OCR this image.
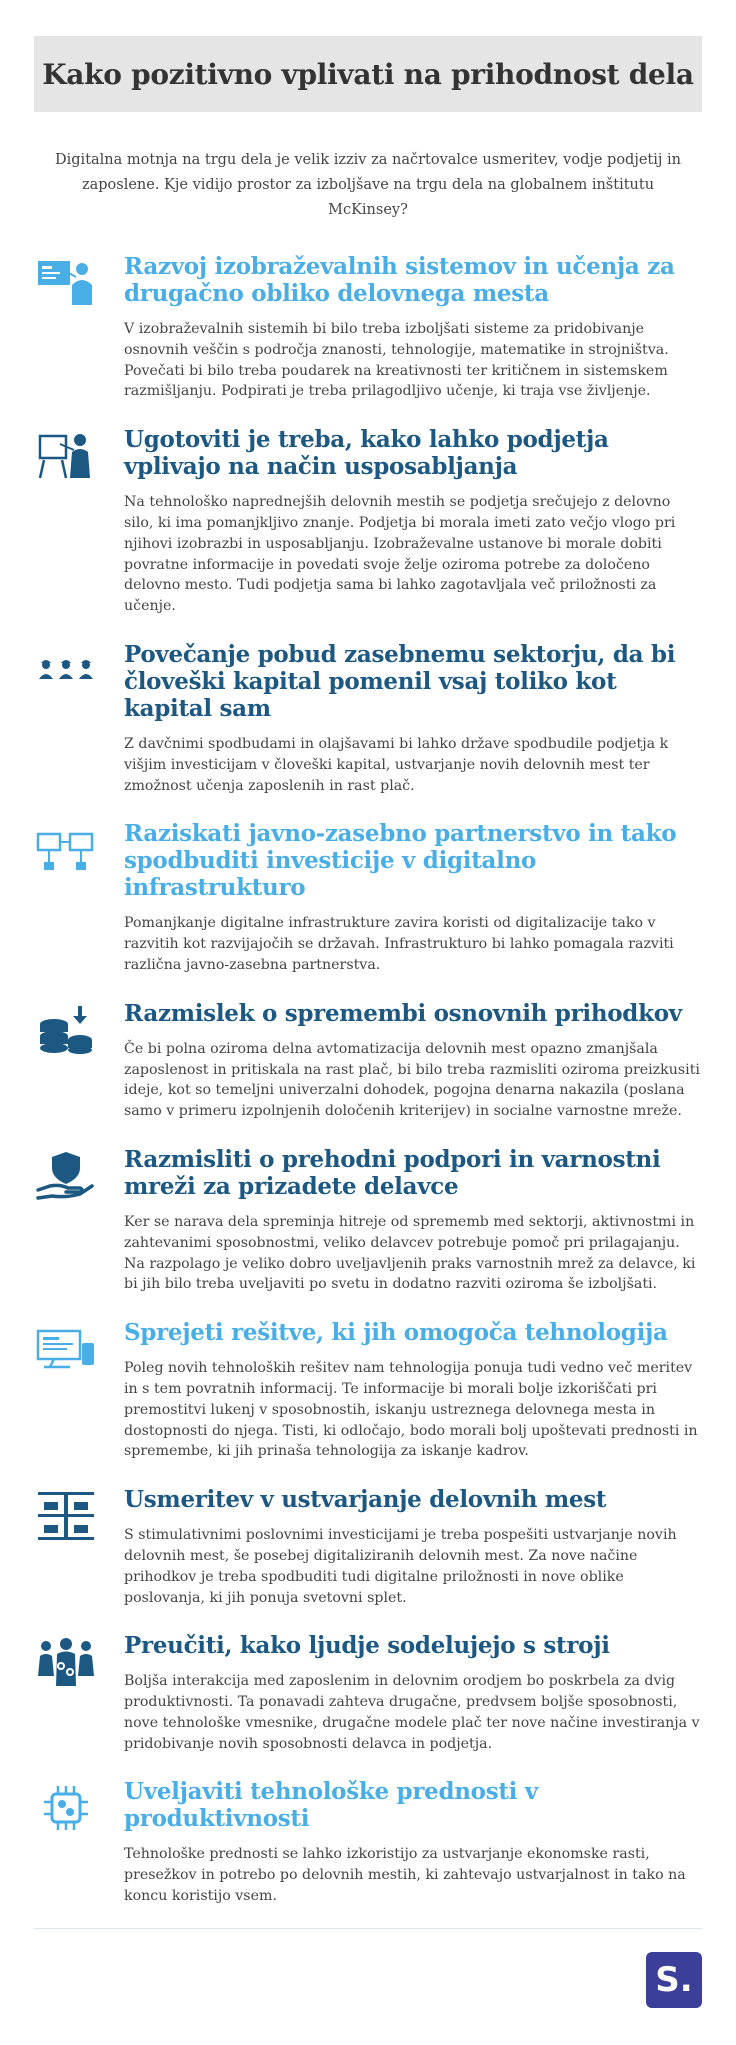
Kako pozitivno vplivati na prihodnost dela

Digitalna motnja na trgu dela je velik izziv za načrtovalce usmeritev, vodje podjetij in zaposlene. Kje vidijo prostor za izboljšave na trgu dela na globalnem inštitutu McKinsey?

Razvoj izobraževalnih sistemov in učenja za drugačno obliko delovnega mesta

V izobraževalnih sistemih bi bilo treba izboljšati sisteme za pridobivanje osnovnih veščin s področja znanosti, tehnologije, matematike in strojništva. Povečati bi bilo treba poudarek na kreativnosti ter kritičnem in sistemskem razmišljanju. Podpirati je treba prilagodljivo učenje, ki traja vse življenje.

Ugotoviti je treba, kako lahko podjetja vplivajo na način usposabljanja

Na tehnološko naprednejših delovnih mestih se podjetja srečujejo z delovno silo, ki ima pomanjkljivo znanje. Podjetja bi morala imeti zato večjo vlogo pri njihovi izobrazbi in usposabljanju. Izobraževalne ustanove bi morale dobiti povratne informacije in povedati svoje želje oziroma potrebe za določeno delovno mesto. Tudi podjetja sama bi lahko zagotavljala več priložnosti za učenje.

Povečanje pobud zasebnemu sektorju, da bi človeški kapital pomenil vsaj toliko kot kapital sam

Z davčnimi spodbudami in olajšavami bi lahko države spodbudile podjetja k višjim investicijam v človeški kapital, ustvarjanje novih delovnih mest ter zmožnost učenja zaposlenih in rast plač.

Raziskati javno-zasebno partnerstvo in tako spodbuditi investicije v digitalno infrastrukturo

Pomanjkanje digitalne infrastrukture zavira koristi od digitalizacije tako v razvitih kot razvijajočih se državah. Infrastrukturo bi lahko pomagala razviti različna javno-zasebna partnerstva.

Razmislek o spremembi osnovnih prihodkov

Če bi polna oziroma delna avtomatizacija delovnih mest opazno zmanjšala zaposlenost in pritiskala na rast plač, bi bilo treba razmisliti oziroma preizkusiti ideje, kot so temeljni univerzalni dohodek, pogojna denarna nakazila (poslana samo v primeru izpolnjenih določenih kriterijev) in socialne varnostne mreže.

Razmisliti o prehodni podpori in varnostni mreži za prizadete delavce

Ker se narava dela spreminja hitreje od sprememb med sektorji, aktivnostmi in zahtevanimi sposobnostmi, veliko delavcev potrebuje pomoč pri prilagajanju. Na razpolago je veliko dobro uveljavljenih praks varnostnih mrež za delavce, ki bi jih bilo treba uveljaviti po svetu in dodatno razviti oziroma še izboljšati.

Sprejeti rešitve, ki jih omogoča tehnologija

Poleg novih tehnoloških rešitev nam tehnologija ponuja tudi vedno več meritev in s tem povratnih informacij. Te informacije bi morali bolje izkoriščati pri premostitvi lukenj v sposobnostih, iskanju ustreznega delovnega mesta in dostopnosti do njega. Tisti, ki odločajo, bodo morali bolj upoštevati prednosti in spremembe, ki jih prinaša tehnologija za iskanje kadrov.

Usmeritev v ustvarjanje delovnih mest

S stimulativnimi poslovnimi investicijami je treba pospešiti ustvarjanje novih delovnih mest, še posebej digitaliziranih delovnih mest. Za nove načine prihodkov je treba spodbuditi tudi digitalne priložnosti in nove oblike poslovanja, ki jih ponuja svetovni splet.

Preučiti, kako ljudje sodelujejo s stroji

Boljša interakcija med zaposlenim in delovnim orodjem bo poskrbela za dvig produktivnosti. Ta ponavadi zahteva drugačne, predvsem boljše sposobnosti, nove tehnološke vmesnike, drugačne modele plač ter nove načine investiranja v pridobivanje novih sposobnosti delavca in podjetja.

Uveljaviti tehnološke prednosti v produktivnosti

Tehnološke prednosti se lahko izkoristijo za ustvarjanje ekonomske rasti, presežkov in potrebo po delovnih mestih, ki zahtevajo ustvarjalnost in tako na koncu koristijo vsem.

S.
